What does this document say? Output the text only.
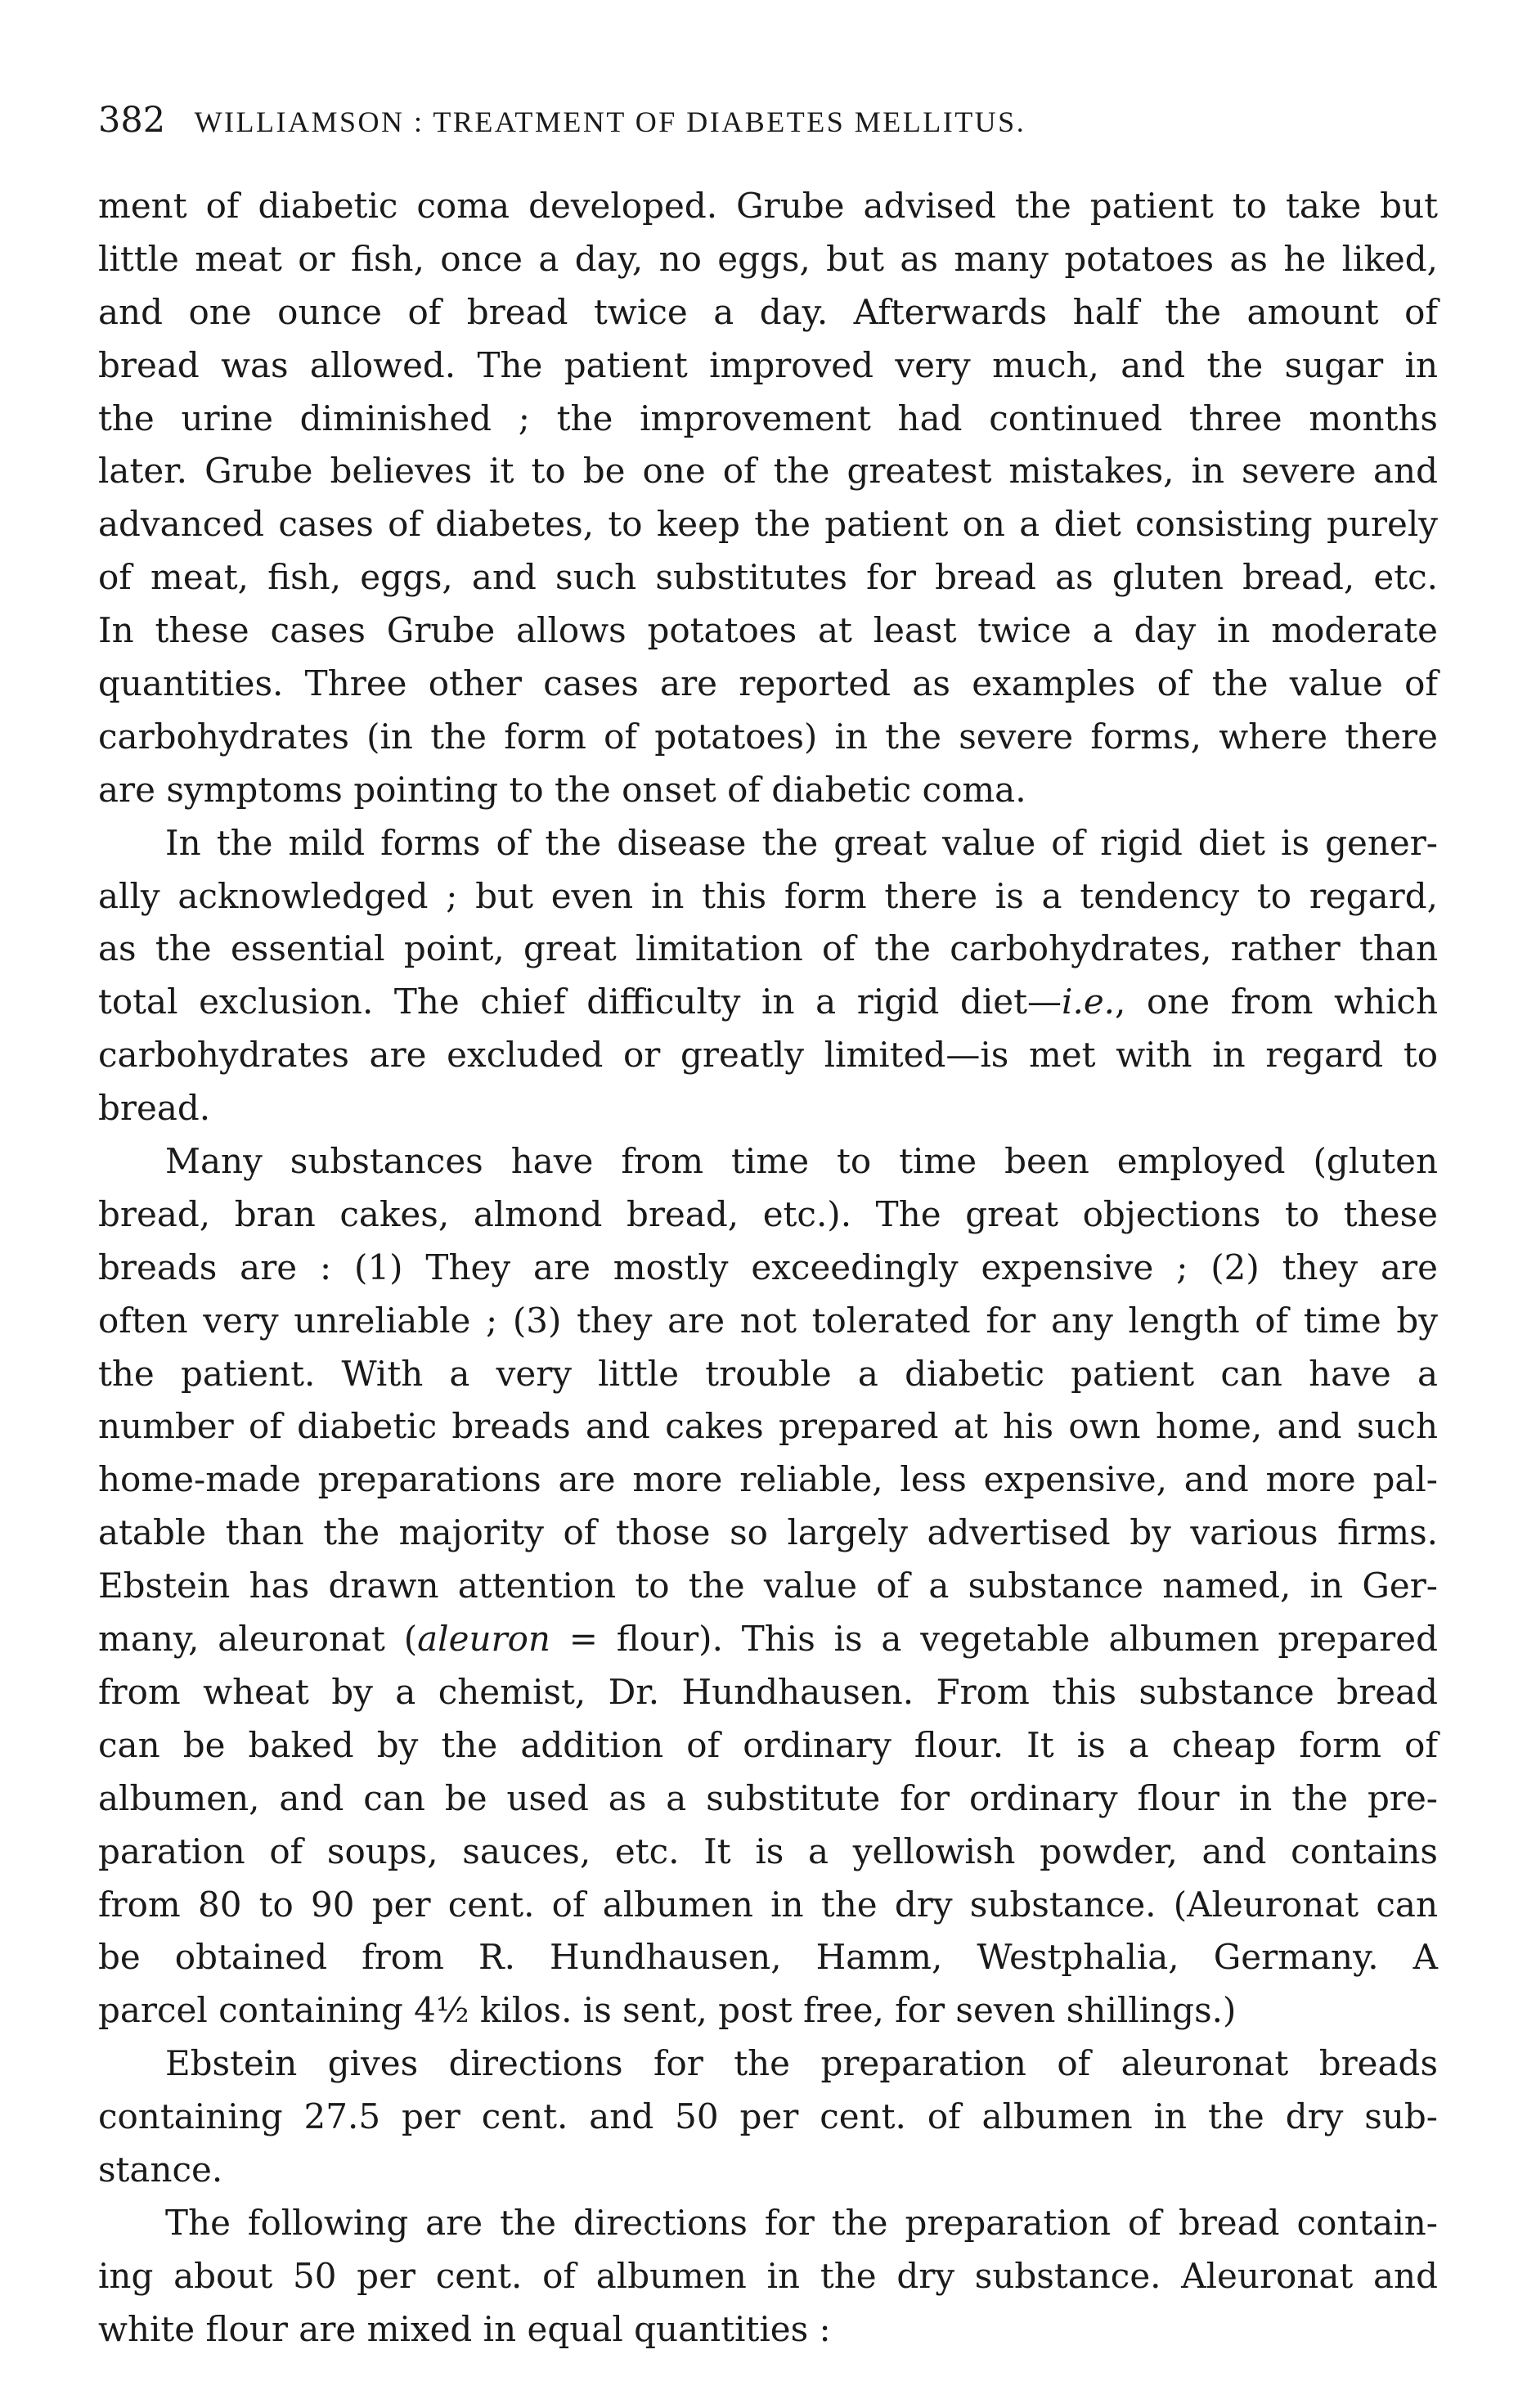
382 WILLIAMSON : TREATMENT OF DIABETES MELLITUS.
ment of diabetic coma developed. Grube advised the patient to take but
little meat or fish, once a day, no eggs, but as many potatoes as he liked,
and one ounce of bread twice a day. Afterwards half the amount of
bread was allowed. The patient improved very much, and the sugar in
the urine diminished ; the improvement had continued three months
later. Grube believes it to be one of the greatest mistakes, in severe and
advanced cases of diabetes, to keep the patient on a diet consisting purely
of meat, fish, eggs, and such substitutes for bread as gluten bread, etc.
In these cases Grube allows potatoes at least twice a day in moderate
quantities. Three other cases are reported as examples of the value of
carbohydrates (in the form of potatoes) in the severe forms, where there
are symptoms pointing to the onset of diabetic coma.
In the mild forms of the disease the great value of rigid diet is gener-
ally acknowledged ; but even in this form there is a tendency to regard,
as the essential point, great limitation of the carbohydrates, rather than
total exclusion. The chief difficulty in a rigid diet—i.e., one from which
carbohydrates are excluded or greatly limited—is met with in regard to
bread.
Many substances have from time to time been employed (gluten
bread, bran cakes, almond bread, etc.). The great objections to these
breads are : (1) They are mostly exceedingly expensive ; (2) they are
often very unreliable ; (3) they are not tolerated for any length of time by
the patient. With a very little trouble a diabetic patient can have a
number of diabetic breads and cakes prepared at his own home, and such
home-made preparations are more reliable, less expensive, and more pal-
atable than the majority of those so largely advertised by various firms.
Ebstein has drawn attention to the value of a substance named, in Ger-
many, aleuronat (aleuron = flour). This is a vegetable albumen prepared
from wheat by a chemist, Dr. Hundhausen. From this substance bread
can be baked by the addition of ordinary flour. It is a cheap form of
albumen, and can be used as a substitute for ordinary flour in the pre-
paration of soups, sauces, etc. It is a yellowish powder, and contains
from 80 to 90 per cent. of albumen in the dry substance. (Aleuronat can
be obtained from R. Hundhausen, Hamm, Westphalia, Germany. A
parcel containing 4½ kilos. is sent, post free, for seven shillings.)
Ebstein gives directions for the preparation of aleuronat breads
containing 27.5 per cent. and 50 per cent. of albumen in the dry sub-
stance.
The following are the directions for the preparation of bread contain-
ing about 50 per cent. of albumen in the dry substance. Aleuronat and
white flour are mixed in equal quantities :
